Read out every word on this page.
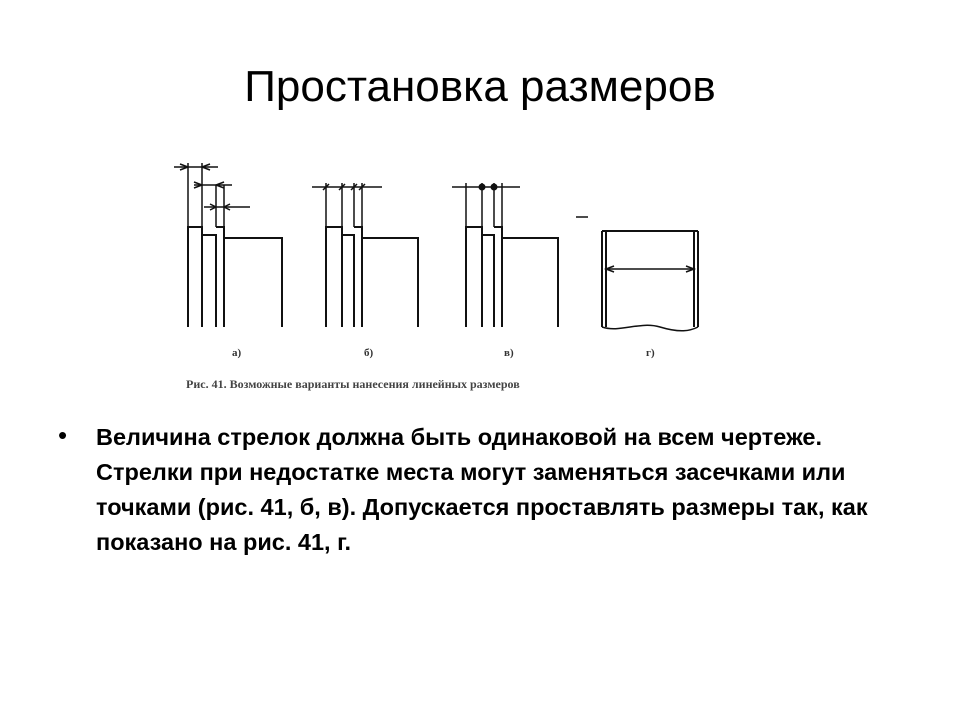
Простановка размеров
а)	б)	в)	г)
Рис. 41. Возможные варианты нанесения линейных размеров
• Величина стрелок должна быть одинаковой на всем чертеже. Стрелки при недостатке места могут заменяться засечками или точками (рис. 41, б, в). Допускается проставлять размеры так, как показано на рис. 41, г.
